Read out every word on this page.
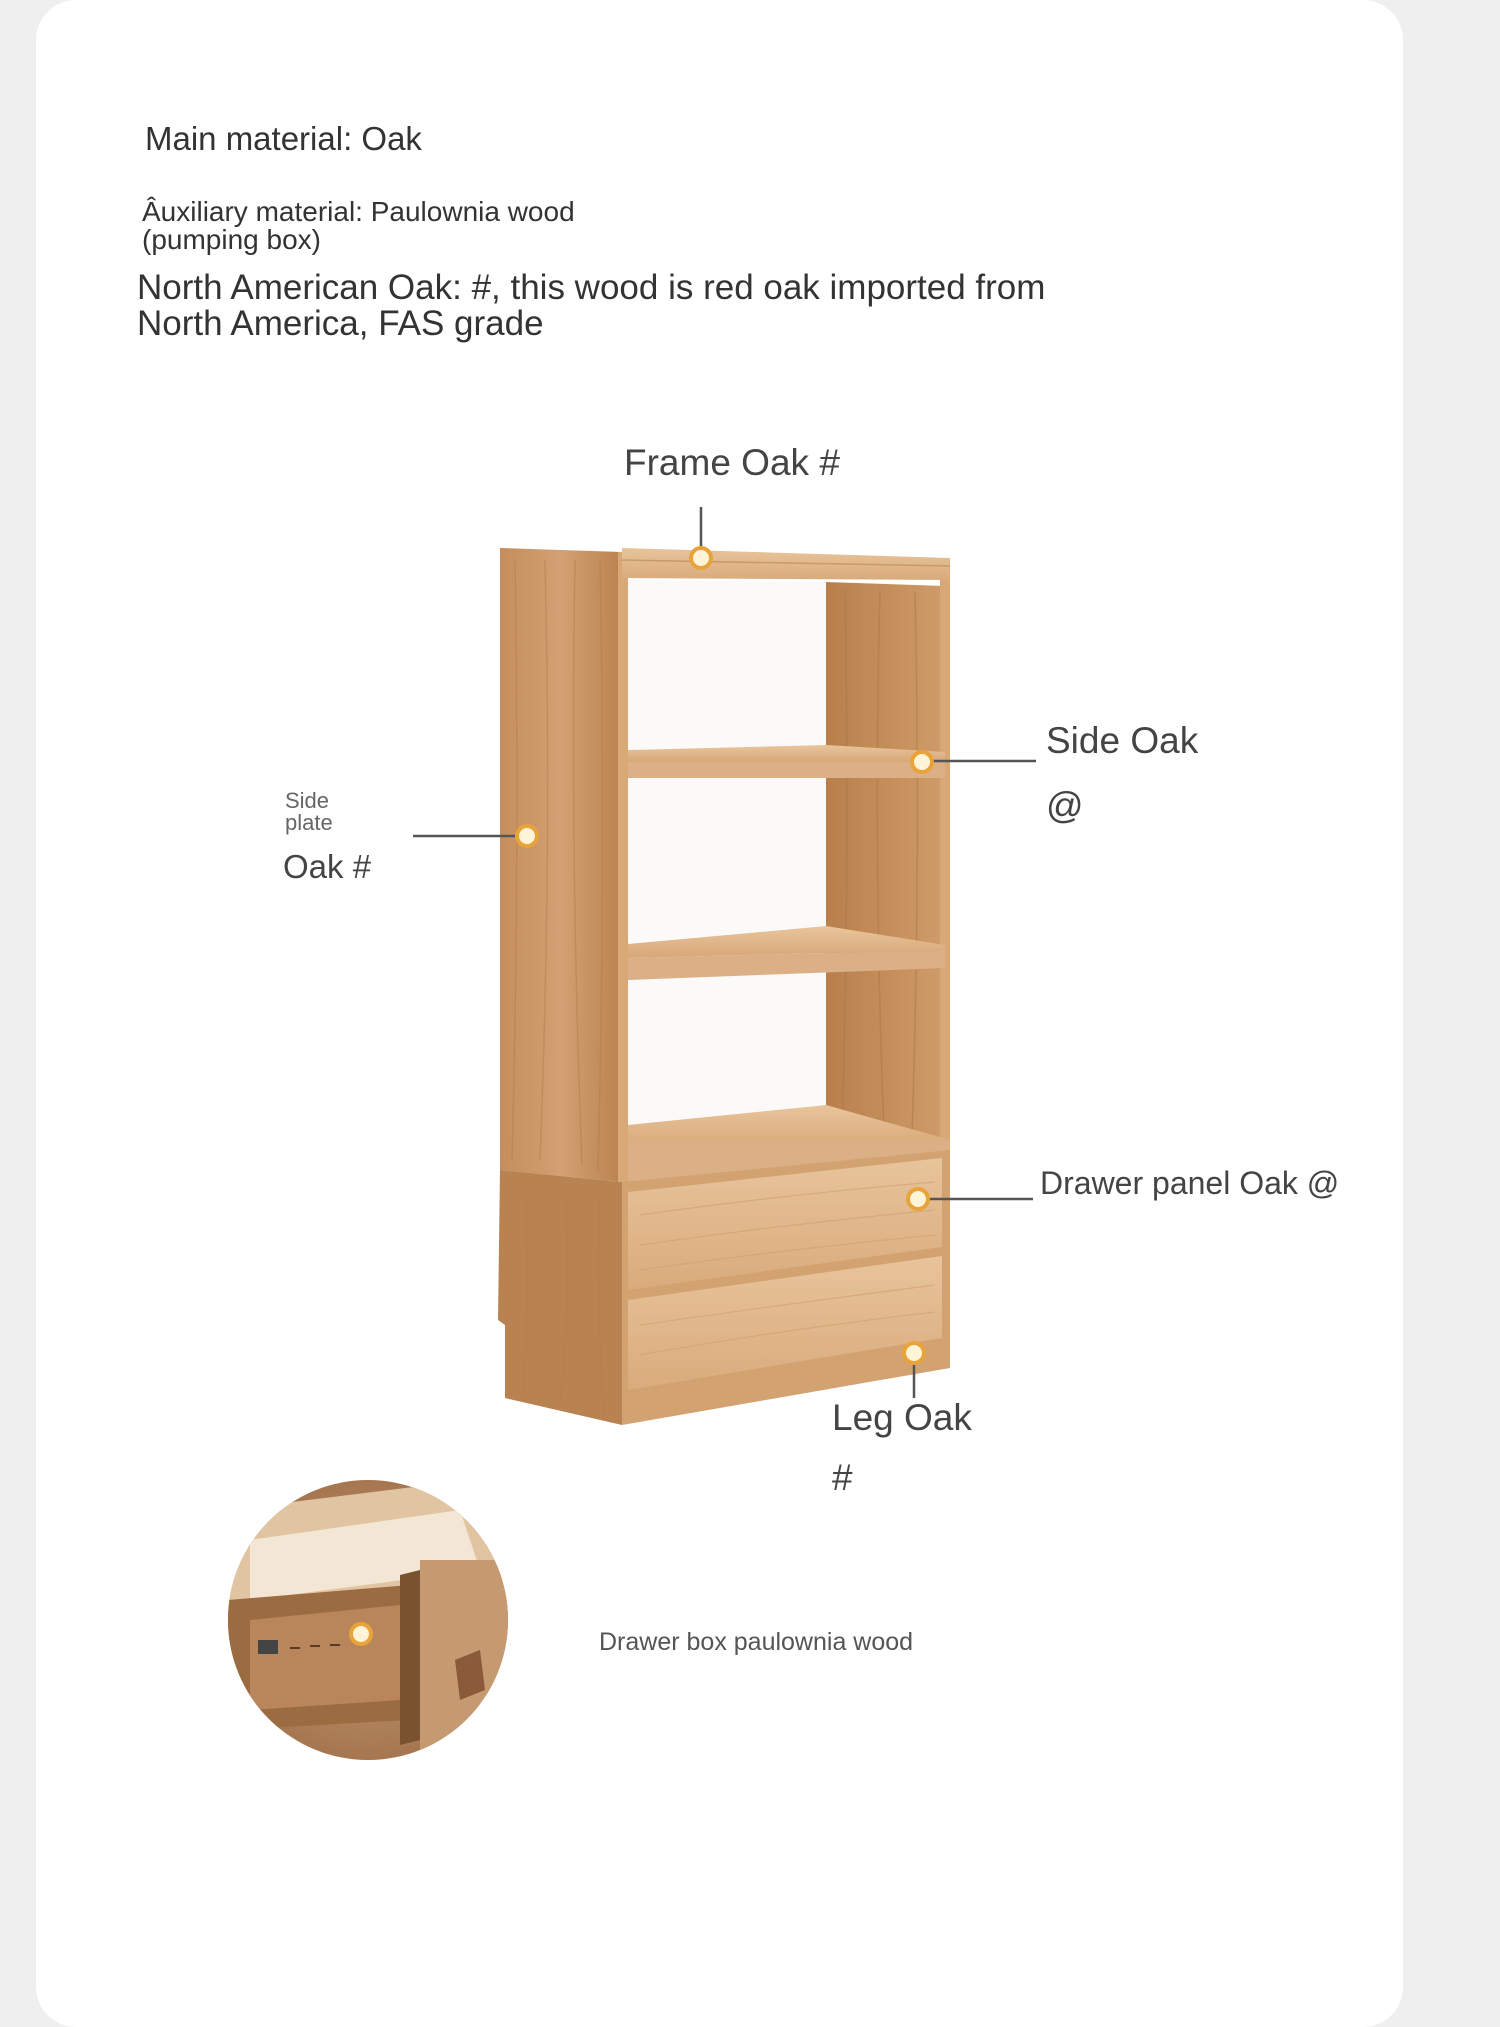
Main material: Oak
Âuxiliary material: Paulownia wood (pumping box)
North American Oak: #, this wood is red oak imported from North America, FAS grade
Frame Oak #
Side Oak
@
Side plate
Oak #
Drawer panel Oak @
Leg Oak
#
Drawer box paulownia wood
